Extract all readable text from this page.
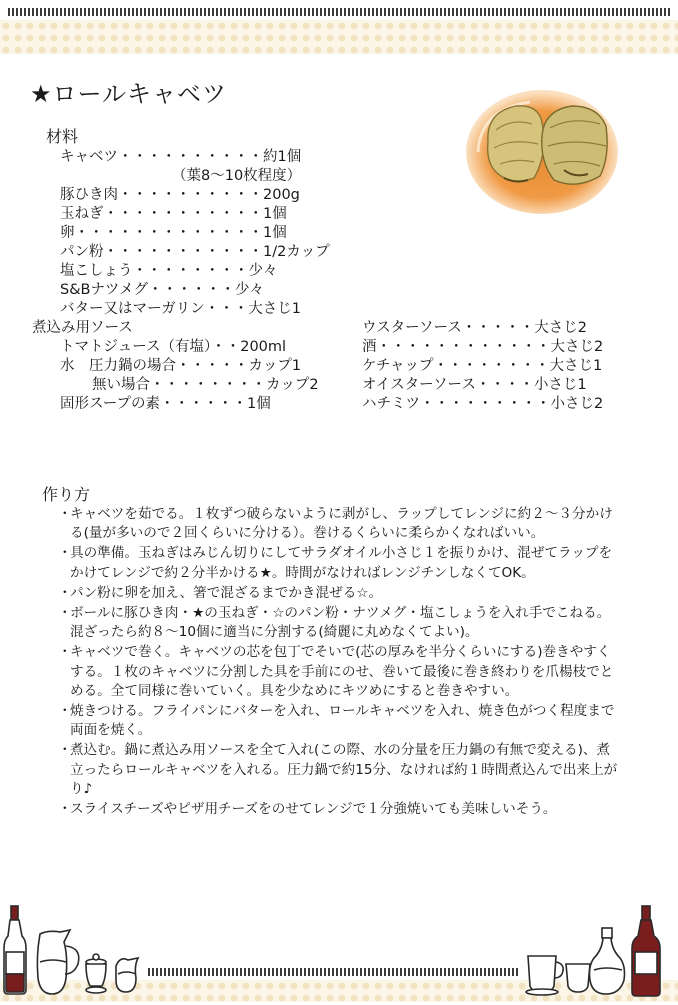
★ロールキャベツ
材料
キャベツ・・・・・・・・・・約1個
（葉8～10枚程度）
豚ひき肉・・・・・・・・・・200g
玉ねぎ・・・・・・・・・・・1個
卵・・・・・・・・・・・・・1個
パン粉・・・・・・・・・・・1/2カップ
塩こしょう・・・・・・・・少々
S&Bナツメグ・・・・・・少々
バター又はマーガリン・・・大さじ1
煮込み用ソース
トマトジュース（有塩）・・200ml
水　圧力鍋の場合・・・・・カップ1
無い場合・・・・・・・・カップ2
固形スープの素・・・・・・1個
ウスターソース・・・・・大さじ2
酒・・・・・・・・・・・・大さじ2
ケチャップ・・・・・・・・大さじ1
オイスターソース・・・・小さじ1
ハチミツ・・・・・・・・・小さじ2
作り方
・
キャベツを茹でる。１枚ずつ破らないように剥がし、ラップしてレンジに約２～３分かける(量が多いので２回くらいに分ける）。巻けるくらいに柔らかくなればいい。
・
具の準備。玉ねぎはみじん切りにしてサラダオイル小さじ１を振りかけ、混ぜてラップをかけてレンジで約２分半かける★。時間がなければレンジチンしなくてOK。
・
パン粉に卵を加え、箸で混ざるまでかき混ぜる☆。
・
ボールに豚ひき肉・★の玉ねぎ・☆のパン粉・ナツメグ・塩こしょうを入れ手でこねる。混ざったら約８～10個に適当に分割する(綺麗に丸めなくてよい)。
・
キャベツで巻く。キャベツの芯を包丁でそいで(芯の厚みを半分くらいにする)巻きやすくする。１枚のキャベツに分割した具を手前にのせ、巻いて最後に巻き終わりを爪楊枝でとめる。全て同様に巻いていく。具を少なめにキツめにすると巻きやすい。
・
焼きつける。フライパンにバターを入れ、ロールキャベツを入れ、焼き色がつく程度まで両面を焼く。
・
煮込む。鍋に煮込み用ソースを全て入れ(この際、水の分量を圧力鍋の有無で変える)、煮立ったらロールキャベツを入れる。圧力鍋で約15分、なければ約１時間煮込んで出来上がり♪
・
スライスチーズやピザ用チーズをのせてレンジで１分強焼いても美味しいそう。
